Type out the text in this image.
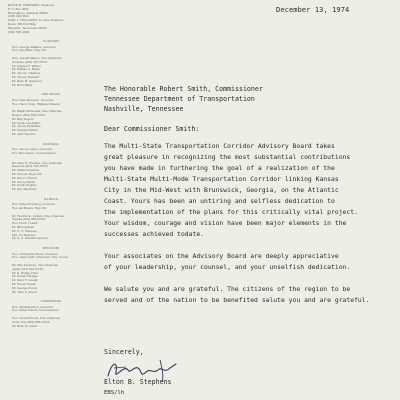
ELTON B. STEPHENS, Chairman
P. O. Box 2931
Birmingham, Alabama 35202
(205) 322-5611
KARL L. HOLLOWAY, Sr. Vice Chairman
Room 306 Kirk Bldg.
Memphis, Tennessee 38103
(901) 526-4646
ALABAMA
Hon. George Wallace, Governor
Hon. Ray Bass, Hwy. Dir.

Hon. Joseph Mason, Vice Chairman
Anniston (205) 237-XXXX
Mr. Edward T. Wilson
Mr. William C. Bates
Mr. Glen E. Hawkins
Mr. Harvey Botsdorf
Mr. Elton B. Stephens
Mr. Bob Haikel
ARKANSAS
Hon. Dale Bumpers, Governor
Hon. Henry Gray, Highway Director

Mr. Ralph McDonald, Vice Chairman
Rogers (501) 636-XXXX
Mr. Billy Rogers
Mr. Frank Lambright
Mr. Jimmy DeShazer
Mr. Howard Wilson
Mr. Jack Stevens
GEORGIA
Hon. Jimmy Carter, Governor
Hon. Bert Lance, Commissioner
Mr. Alton O. Prentiss, Vice Chairman
Ravenna (912) 725-XXXX
Mr. Millard Ambrose
Mr. Herman Reynolds
Mr. Roy H. Parrott
Mr. Henry Martin
Mr. Frank Hughes
Mr. Roy Weichsel
KANSAS
Hon. Robert Docking, Governor
Hon. Ed Bryant, Hwy. Dir.

Mr. Hershel E. Judson, Vice Chairman
Topeka (913) 354-XXXX
Hon. Kevin Trudell
Mr. Bill Caldwell
Mr. H. H. Woolsey
Mrs. Iris Pearson
Mr. D. A. Richard Lambert
MISSOURI
Hon. Christopher Bond, Governor
Hon. Jack Curtis, Chairman, Hwy. Comm.

Mr. Max Kershner, Vice Chairman
Joplin (417) 623-XXXX
Mr. E. Hadley Hunt
Mr. Robert Hodges
Mr. Elvin P. Goodin
Mr. Homer Kettell
Mr. George Peters
Mr. John S. Arnett
TENNESSEE
Hon. Winfield Dunn, Governor
Hon. Robert Smith, Commissioner

Hon. Russell Smith, Vice Chairman
Union City (901) 885-XXXX
Mr. Brian D. Carter
December 13, 1974
The Honorable Robert Smith, Commissioner
Tennessee Department of Transportation
Nashville, Tennessee
Dear Commissioner Smith:

The Multi-State Transportation Corridor Advisory Board takes
great pleasure in recognizing the most substantial contributions
you have made in furthering the goal of a realization of the
Multi-State Multi-Mode Transportation Corridor linking Kansas
City in the Mid-West with Brunswick, Georgia, on the Atlantic
Coast. Yours has been an untiring and selfless dedication to
the implementation of the plans for this critically vital project.
Your wisdom, courage and vision have been major elements in the
successes achieved todate.

Your associates on the Advisory Board are deeply appreciative
of your leadership, your counsel, and your unselfish dedication.

We salute you and are grateful. The citizens of the region to be
served and of the nation to be benefited salute you and are grateful.

Sincerely,
Elton B. Stephens
EBS/lh
